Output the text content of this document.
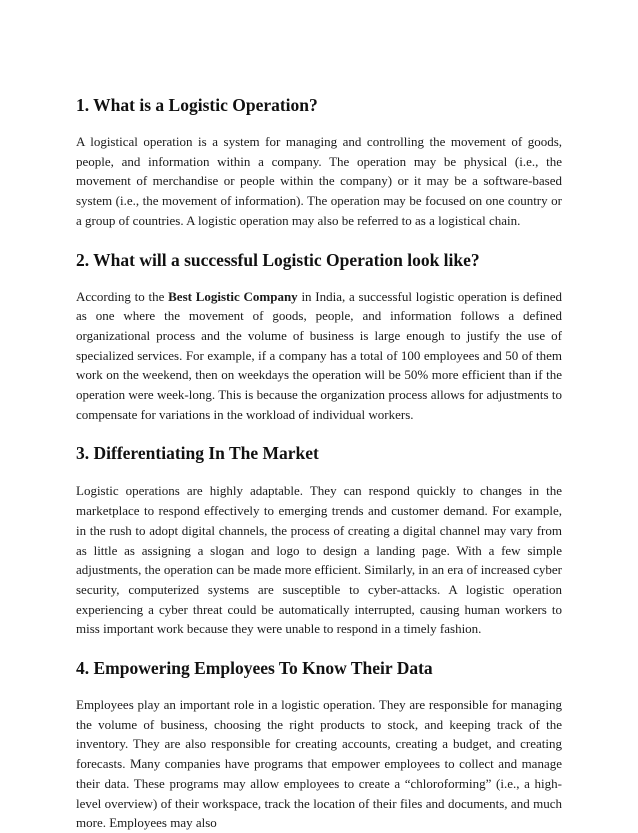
1. What is a Logistic Operation?

A logistical operation is a system for managing and controlling the movement of goods, people, and information within a company. The operation may be physical (i.e., the movement of merchandise or people within the company) or it may be a software-based system (i.e., the movement of information). The operation may be focused on one country or a group of countries. A logistic operation may also be referred to as a logistical chain.

2. What will a successful Logistic Operation look like?

According to the Best Logistic Company in India, a successful logistic operation is defined as one where the movement of goods, people, and information follows a defined organizational process and the volume of business is large enough to justify the use of specialized services. For example, if a company has a total of 100 employees and 50 of them work on the weekend, then on weekdays the operation will be 50% more efficient than if the operation were week-long. This is because the organization process allows for adjustments to compensate for variations in the workload of individual workers.

3. Differentiating In The Market

Logistic operations are highly adaptable. They can respond quickly to changes in the marketplace to respond effectively to emerging trends and customer demand. For example, in the rush to adopt digital channels, the process of creating a digital channel may vary from as little as assigning a slogan and logo to design a landing page. With a few simple adjustments, the operation can be made more efficient. Similarly, in an era of increased cyber security, computerized systems are susceptible to cyber-attacks. A logistic operation experiencing a cyber threat could be automatically interrupted, causing human workers to miss important work because they were unable to respond in a timely fashion.

4. Empowering Employees To Know Their Data

Employees play an important role in a logistic operation. They are responsible for managing the volume of business, choosing the right products to stock, and keeping track of the inventory. They are also responsible for creating accounts, creating a budget, and creating forecasts. Many companies have programs that empower employees to collect and manage their data. These programs may allow employees to create a “chloroforming” (i.e., a high-level overview) of their workspace, track the location of their files and documents, and much more. Employees may also
